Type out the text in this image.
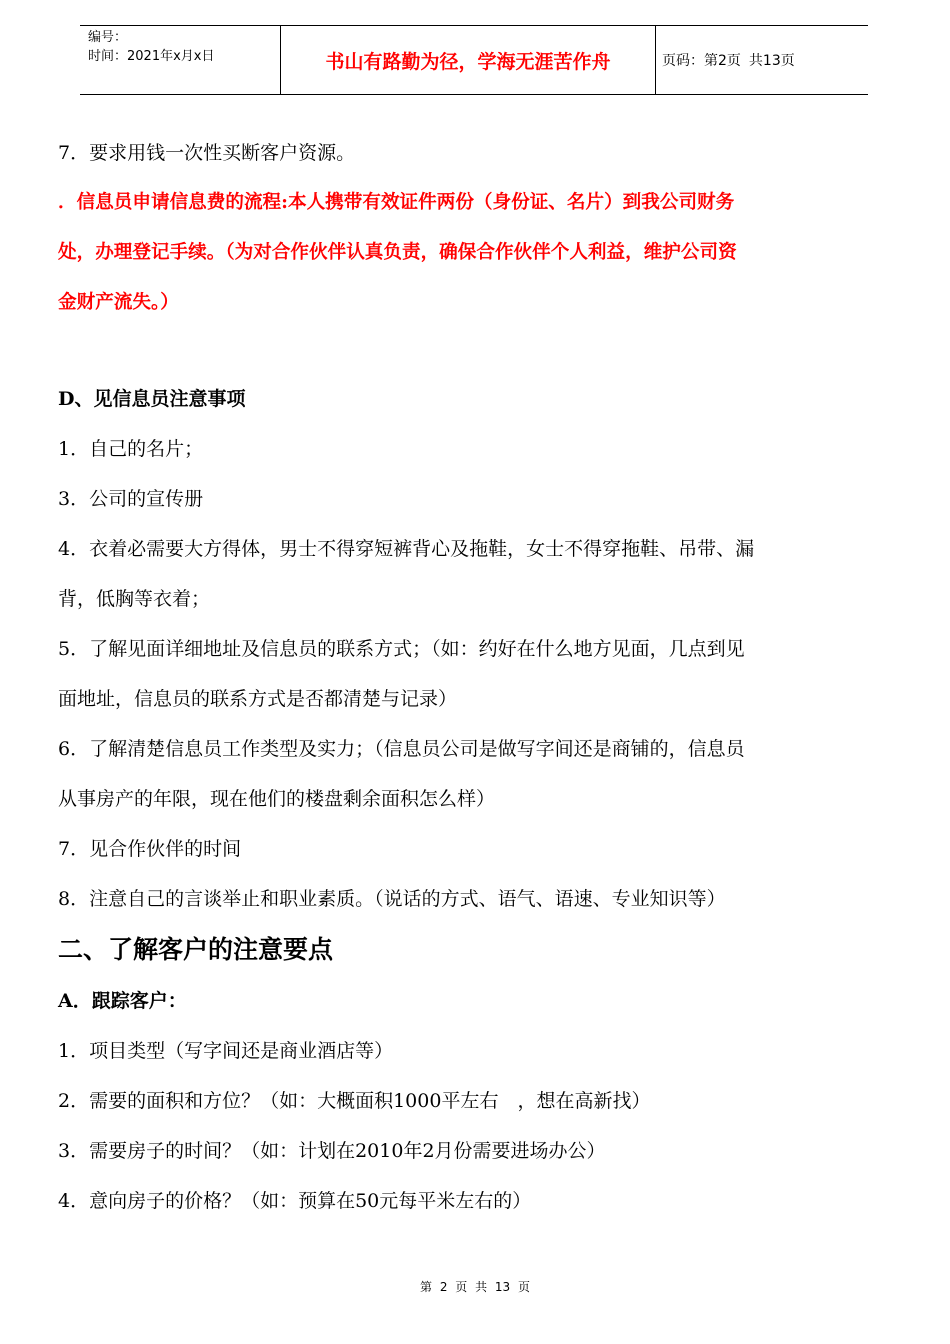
编号：
时间：2021年x月x日	书山有路勤为径，学海无涯苦作舟	页码：第2页 共13页
7．要求用钱一次性买断客户资源。
．信息员申请信息费的流程:本人携带有效证件两份（身份证、名片）到我公司财务
处，办理登记手续。（为对合作伙伴认真负责，确保合作伙伴个人利益，维护公司资
金财产流失。）
D、见信息员注意事项
1．自己的名片；
3．公司的宣传册
4．衣着必需要大方得体，男士不得穿短裤背心及拖鞋，女士不得穿拖鞋、吊带、漏
背，低胸等衣着；
5．了解见面详细地址及信息员的联系方式；（如：约好在什么地方见面，几点到见
面地址，信息员的联系方式是否都清楚与记录）
6．了解清楚信息员工作类型及实力；（信息员公司是做写字间还是商铺的，信息员
从事房产的年限，现在他们的楼盘剩余面积怎么样）
7．见合作伙伴的时间
8．注意自己的言谈举止和职业素质。（说话的方式、语气、语速、专业知识等）
二、了解客户的注意要点
A．跟踪客户：
1．项目类型（写字间还是商业酒店等）
2．需要的面积和方位？（如：大概面积1000平左右　，想在高新找）
3．需要房子的时间？（如：计划在2010年2月份需要进场办公）
4．意向房子的价格？（如：预算在50元每平米左右的）
第 2 页 共 13 页
